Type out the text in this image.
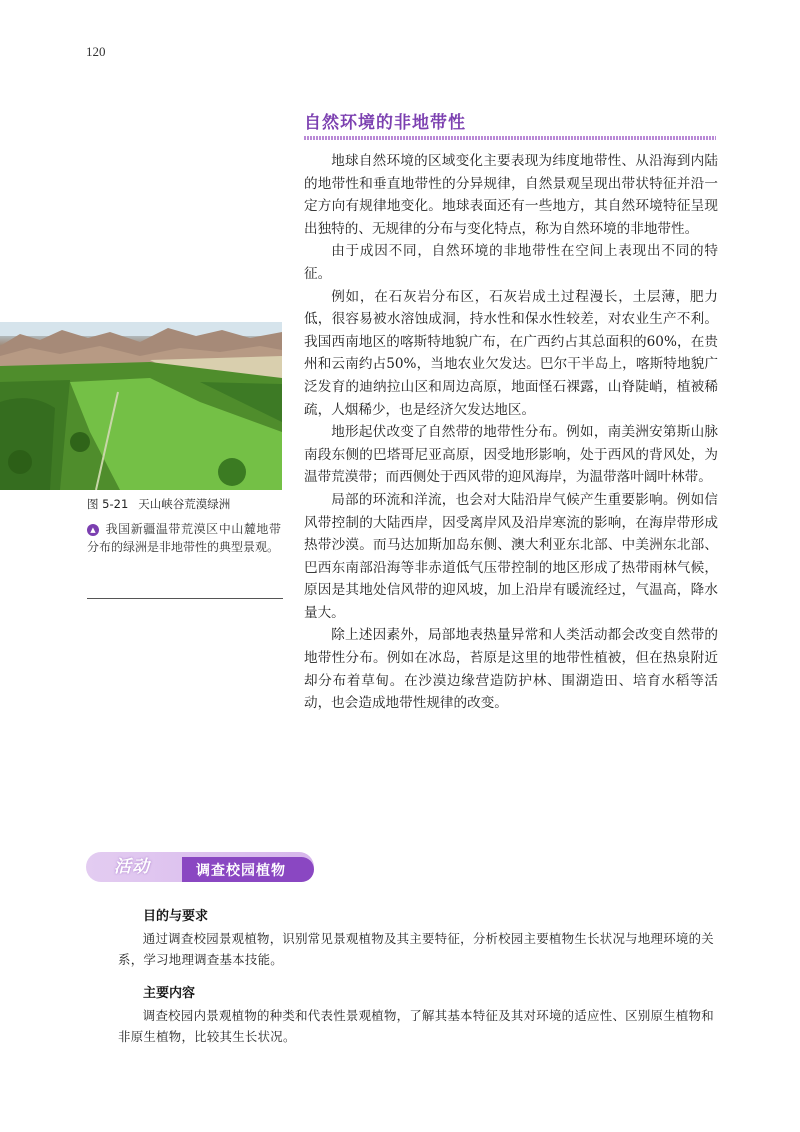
120
自然环境的非地带性

地球自然环境的区域变化主要表现为纬度地带性、从沿海到内陆的地带性和垂直地带性的分异规律，自然景观呈现出带状特征并沿一定方向有规律地变化。地球表面还有一些地方，其自然环境特征呈现出独特的、无规律的分布与变化特点，称为自然环境的非地带性。

由于成因不同，自然环境的非地带性在空间上表现出不同的特征。

例如，在石灰岩分布区，石灰岩成土过程漫长，土层薄，肥力低，很容易被水溶蚀成洞，持水性和保水性较差，对农业生产不利。我国西南地区的喀斯特地貌广布，在广西约占其总面积的60%，在贵州和云南约占50%，当地农业欠发达。巴尔干半岛上，喀斯特地貌广泛发育的迪纳拉山区和周边高原，地面怪石裸露，山脊陡峭，植被稀疏，人烟稀少，也是经济欠发达地区。

地形起伏改变了自然带的地带性分布。例如，南美洲安第斯山脉南段东侧的巴塔哥尼亚高原，因受地形影响，处于西风的背风处，为温带荒漠带；而西侧处于西风带的迎风海岸，为温带落叶阔叶林带。

局部的环流和洋流，也会对大陆沿岸气候产生重要影响。例如信风带控制的大陆西岸，因受离岸风及沿岸寒流的影响，在海岸带形成热带沙漠。而马达加斯加岛东侧、澳大利亚东北部、中美洲东北部、巴西东南部沿海等非赤道低气压带控制的地区形成了热带雨林气候，原因是其地处信风带的迎风坡，加上沿岸有暖流经过，气温高，降水量大。

除上述因素外，局部地表热量异常和人类活动都会改变自然带的地带性分布。例如在冰岛，苔原是这里的地带性植被，但在热泉附近却分布着草甸。在沙漠边缘营造防护林、围湖造田、培育水稻等活动，也会造成地带性规律的改变。

图 5-21 天山峡谷荒漠绿洲
▲ 我国新疆温带荒漠区中山麓地带分布的绿洲是非地带性的典型景观。
活动	调查校园植物
目的与要求
通过调查校园景观植物，识别常见景观植物及其主要特征，分析校园主要植物生长状况与地理环境的关系，学习地理调查基本技能。
主要内容
调查校园内景观植物的种类和代表性景观植物，了解其基本特征及其对环境的适应性、区别原生植物和非原生植物，比较其生长状况。
